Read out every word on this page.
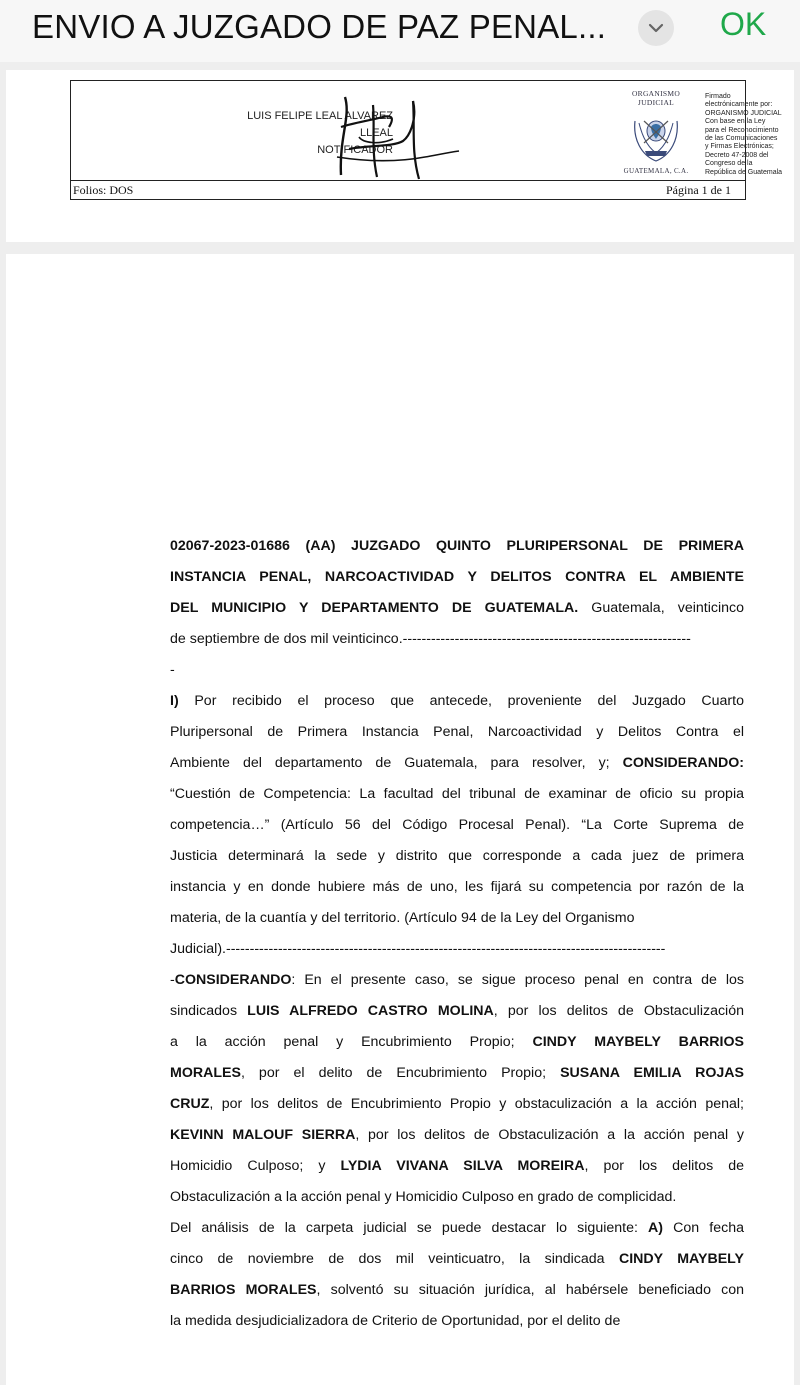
ENVIO A JUZGADO DE PAZ PENAL...	OK
LUIS FELIPE LEAL ALVAREZ
LLEAL
NOTIFICADOR
ORGANISMO JUDICIAL
GUATEMALA, C.A.
Firmado
electrónicamente por:
ORGANISMO JUDICIAL
Con base en la Ley
para el Reconocimiento
de las Comunicaciones
y Firmas Electrónicas;
Decreto 47-2008 del
Congreso de la
República de Guatemala
Folios: DOS	Página 1 de 1
02067-2023-01686 (AA) JUZGADO QUINTO PLURIPERSONAL DE PRIMERA
INSTANCIA PENAL, NARCOACTIVIDAD Y DELITOS CONTRA EL AMBIENTE
DEL MUNICIPIO Y DEPARTAMENTO DE GUATEMALA. Guatemala, veinticinco
de septiembre de dos mil veinticinco.-------------------------------------------------------------
-
I) Por recibido el proceso que antecede, proveniente del Juzgado Cuarto
Pluripersonal de Primera Instancia Penal, Narcoactividad y Delitos Contra el
Ambiente del departamento de Guatemala, para resolver, y; CONSIDERANDO:
“Cuestión de Competencia: La facultad del tribunal de examinar de oficio su propia
competencia…” (Artículo 56 del Código Procesal Penal). “La Corte Suprema de
Justicia determinará la sede y distrito que corresponde a cada juez de primera
instancia y en donde hubiere más de uno, les fijará su competencia por razón de la
materia, de la cuantía y del territorio. (Artículo 94 de la Ley del Organismo
Judicial).---------------------------------------------------------------------------------------------
-CONSIDERANDO: En el presente caso, se sigue proceso penal en contra de los
sindicados LUIS ALFREDO CASTRO MOLINA, por los delitos de Obstaculización
a la acción penal y Encubrimiento Propio; CINDY MAYBELY BARRIOS
MORALES, por el delito de Encubrimiento Propio; SUSANA EMILIA ROJAS
CRUZ, por los delitos de Encubrimiento Propio y obstaculización a la acción penal;
KEVINN MALOUF SIERRA, por los delitos de Obstaculización a la acción penal y
Homicidio Culposo; y LYDIA VIVANA SILVA MOREIRA, por los delitos de
Obstaculización a la acción penal y Homicidio Culposo en grado de complicidad.
Del análisis de la carpeta judicial se puede destacar lo siguiente: A) Con fecha
cinco de noviembre de dos mil veinticuatro, la sindicada CINDY MAYBELY
BARRIOS MORALES, solventó su situación jurídica, al habérsele beneficiado con
la medida desjudicializadora de Criterio de Oportunidad, por el delito de
